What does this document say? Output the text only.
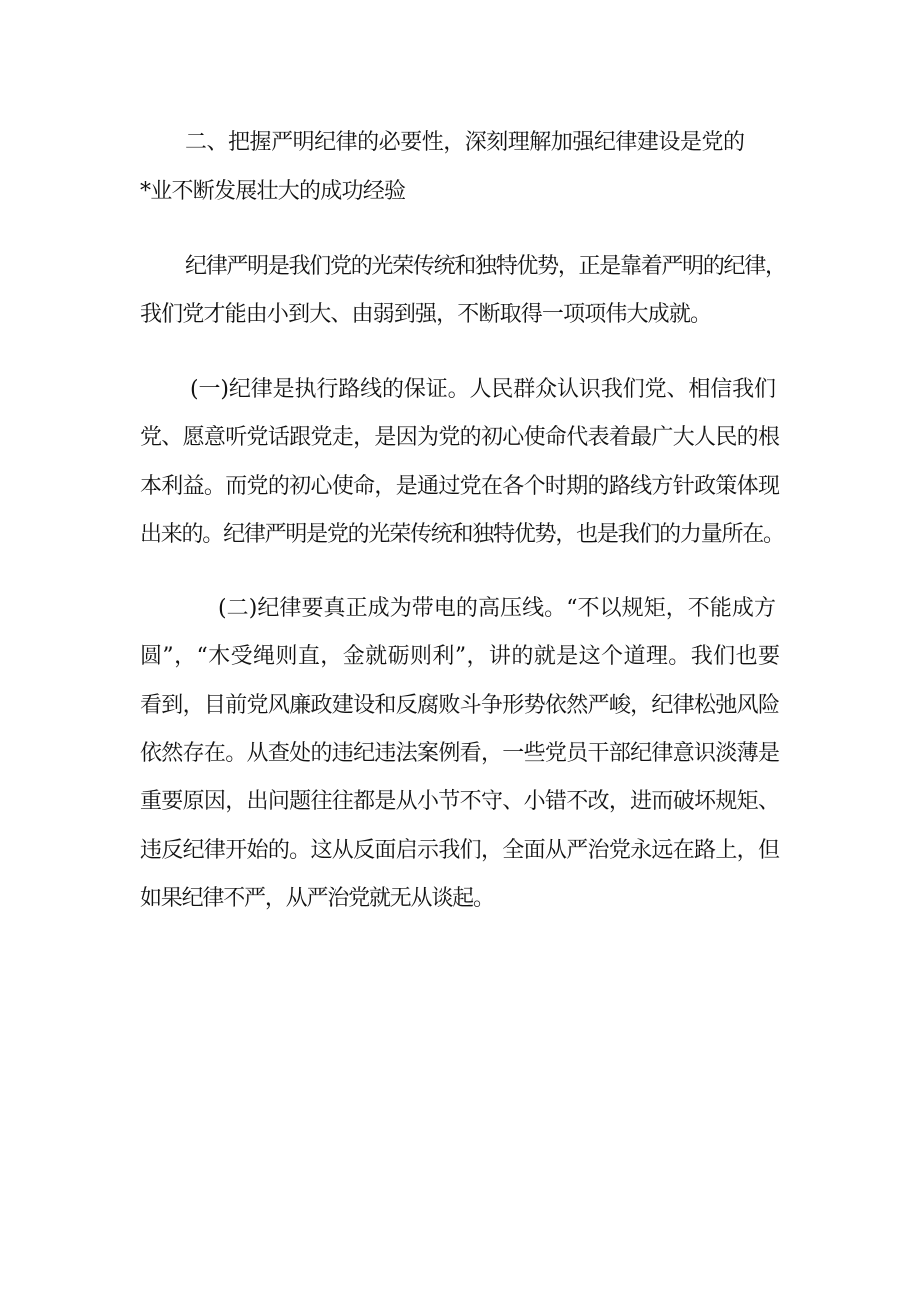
二、把握严明纪律的必要性，深刻理解加强纪律建设是党的
*业不断发展壮大的成功经验
纪律严明是我们党的光荣传统和独特优势，正是靠着严明的纪律，
我们党才能由小到大、由弱到强，不断取得一项项伟大成就。
(一)纪律是执行路线的保证。人民群众认识我们党、相信我们
党、愿意听党话跟党走，是因为党的初心使命代表着最广大人民的根
本利益。而党的初心使命，是通过党在各个时期的路线方针政策体现
出来的。纪律严明是党的光荣传统和独特优势，也是我们的力量所在。
(二)纪律要真正成为带电的高压线。“不以规矩，不能成方
圆”，“木受绳则直，金就砺则利”，讲的就是这个道理。我们也要
看到，目前党风廉政建设和反腐败斗争形势依然严峻，纪律松弛风险
依然存在。从查处的违纪违法案例看，一些党员干部纪律意识淡薄是
重要原因，出问题往往都是从小节不守、小错不改，进而破坏规矩、
违反纪律开始的。这从反面启示我们，全面从严治党永远在路上，但
如果纪律不严，从严治党就无从谈起。
